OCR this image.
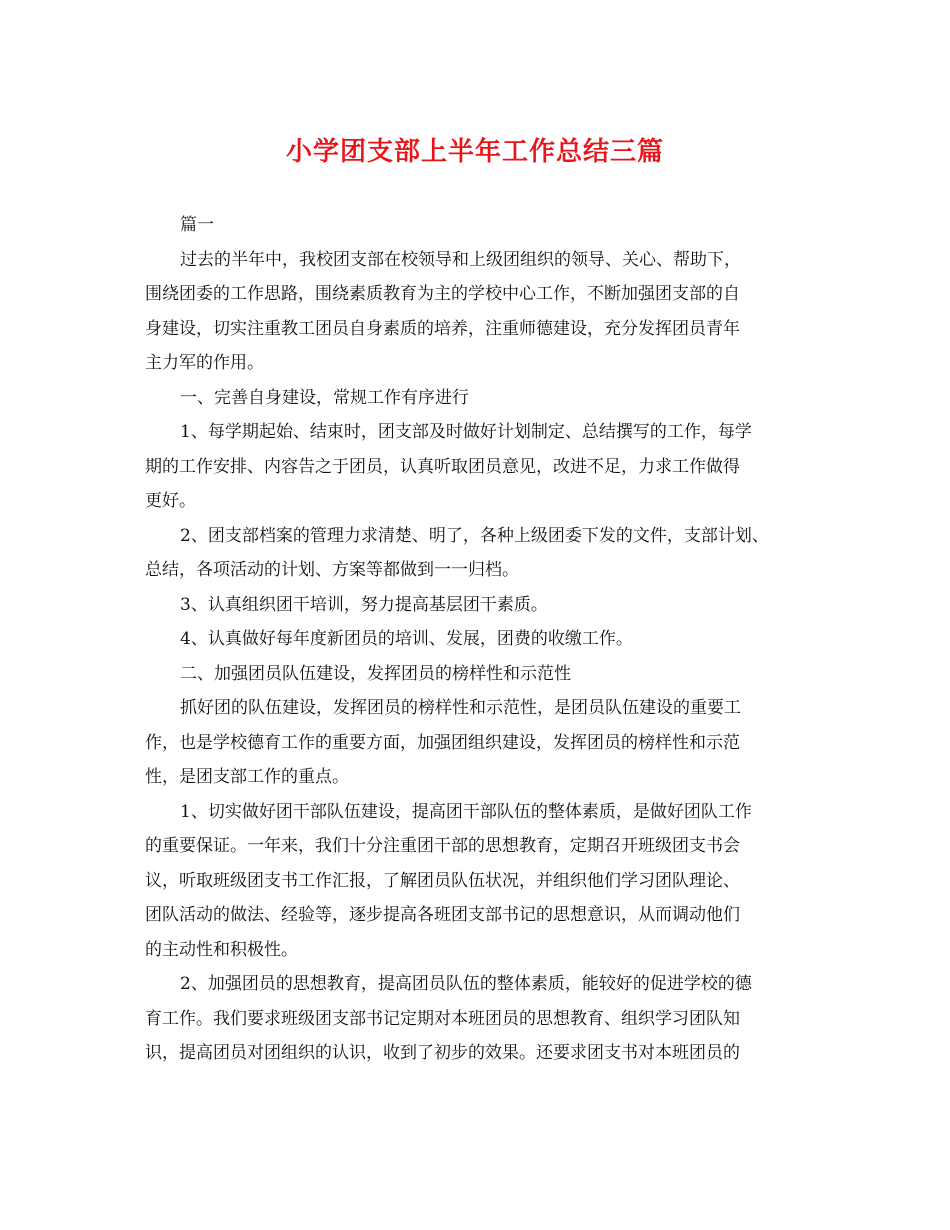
小学团支部上半年工作总结三篇
篇一
过去的半年中，我校团支部在校领导和上级团组织的领导、关心、帮助下，
围绕团委的工作思路，围绕素质教育为主的学校中心工作，不断加强团支部的自
身建设，切实注重教工团员自身素质的培养，注重师德建设，充分发挥团员青年
主力军的作用。
一、完善自身建设，常规工作有序进行
1、每学期起始、结束时，团支部及时做好计划制定、总结撰写的工作，每学
期的工作安排、内容告之于团员，认真听取团员意见，改进不足，力求工作做得
更好。
2、团支部档案的管理力求清楚、明了，各种上级团委下发的文件，支部计划、
总结，各项活动的计划、方案等都做到一一归档。
3、认真组织团干培训，努力提高基层团干素质。
4、认真做好每年度新团员的培训、发展，团费的收缴工作。
二、加强团员队伍建设，发挥团员的榜样性和示范性
抓好团的队伍建设，发挥团员的榜样性和示范性，是团员队伍建设的重要工
作，也是学校德育工作的重要方面，加强团组织建设，发挥团员的榜样性和示范
性，是团支部工作的重点。
1、切实做好团干部队伍建设，提高团干部队伍的整体素质，是做好团队工作
的重要保证。一年来，我们十分注重团干部的思想教育，定期召开班级团支书会
议，听取班级团支书工作汇报，了解团员队伍状况，并组织他们学习团队理论、
团队活动的做法、经验等，逐步提高各班团支部书记的思想意识，从而调动他们
的主动性和积极性。
2、加强团员的思想教育，提高团员队伍的整体素质，能较好的促进学校的德
育工作。我们要求班级团支部书记定期对本班团员的思想教育、组织学习团队知
识，提高团员对团组织的认识，收到了初步的效果。还要求团支书对本班团员的
